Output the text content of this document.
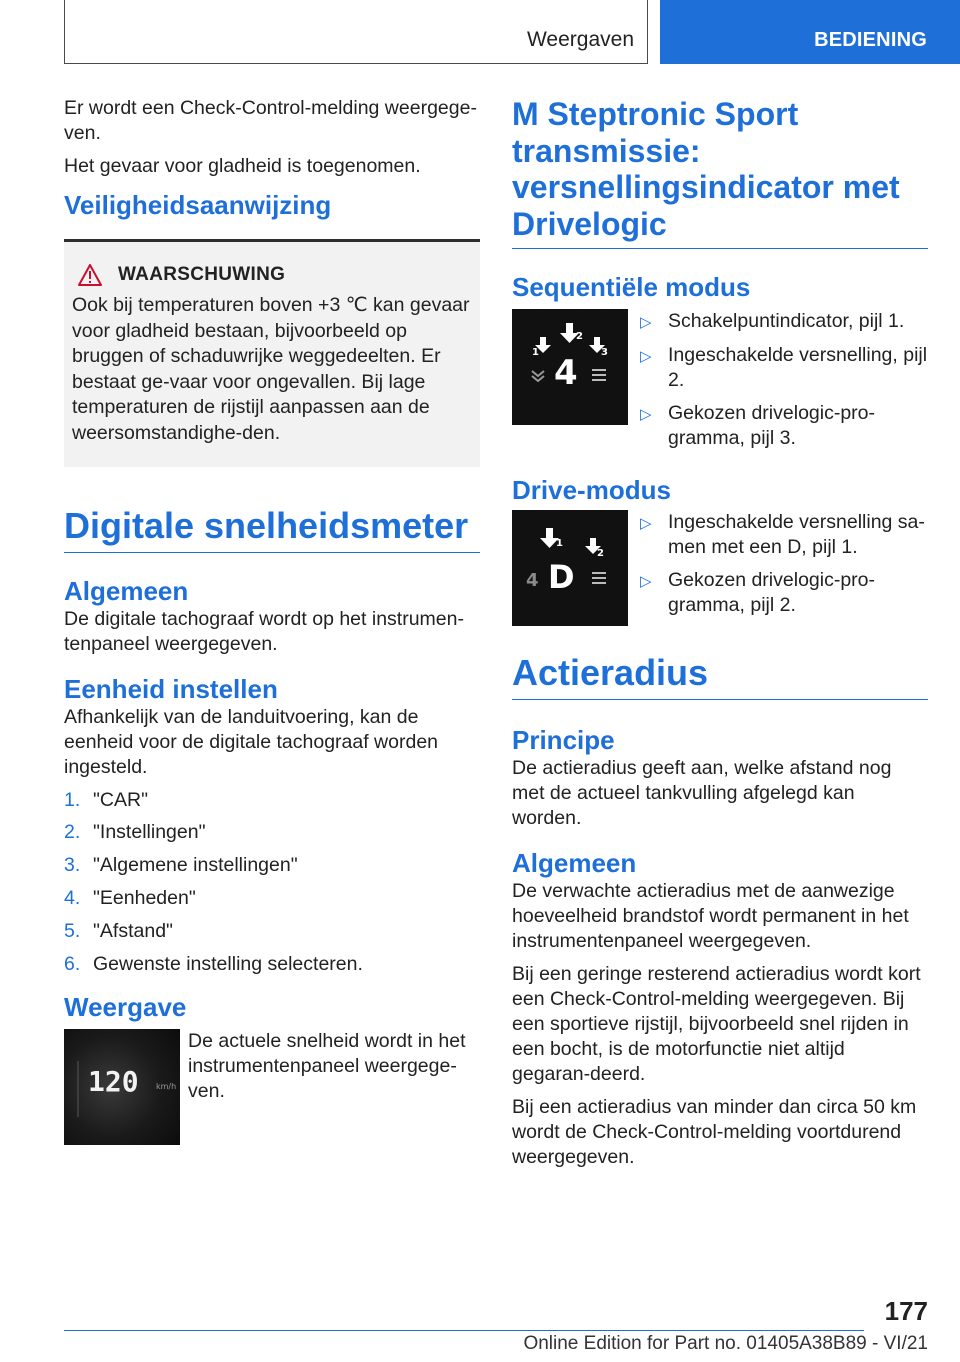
Weergaven	BEDIENING

Er wordt een Check-Control-melding weergege-ven.

Het gevaar voor gladheid is toegenomen.

Veiligheidsaanwijzing
WAARSCHUWING

Ook bij temperaturen boven +3 ℃ kan gevaar voor gladheid bestaan, bijvoorbeeld op bruggen of schaduwrijke weggedeelten. Er bestaat ge-vaar voor ongevallen. Bij lage temperaturen de rijstijl aanpassen aan de weersomstandighe-den.

Digitale snelheidsmeter
Algemeen

De digitale tachograaf wordt op het instrumen-tenpaneel weergegeven.

Eenheid instellen

Afhankelijk van de landuitvoering, kan de eenheid voor de digitale tachograaf worden ingesteld.

1. "CAR"
2. "Instellingen"
3. "Algemene instellingen"
4. "Eenheden"
5. "Afstand"
6. Gewenste instelling selecteren.
Weergave
120 km/h

De actuele snelheid wordt in het instrumentenpaneel weergege-ven.

M Steptronic Sport transmissie: versnellingsindicator met Drivelogic
Sequentiële modus
1
2
3
4
▷ Schakelpuntindicator, pijl 1.
▷ Ingeschakelde versnelling, pijl 2.
▷ Gekozen drivelogic-pro-gramma, pijl 3.
Drive-modus
1
2
4 D
▷ Ingeschakelde versnelling sa-men met een D, pijl 1.
▷ Gekozen drivelogic-pro-gramma, pijl 2.
Actieradius
Principe

De actieradius geeft aan, welke afstand nog met de actueel tankvulling afgelegd kan worden.

Algemeen

De verwachte actieradius met de aanwezige hoeveelheid brandstof wordt permanent in het instrumentenpaneel weergegeven.

Bij een geringe resterend actieradius wordt kort een Check-Control-melding weergegeven. Bij een sportieve rijstijl, bijvoorbeeld snel rijden in een bocht, is de motorfunctie niet altijd gegaran-deerd.

Bij een actieradius van minder dan circa 50 km wordt de Check-Control-melding voortdurend weergegeven.

177
Online Edition for Part no. 01405A38B89 - VI/21
